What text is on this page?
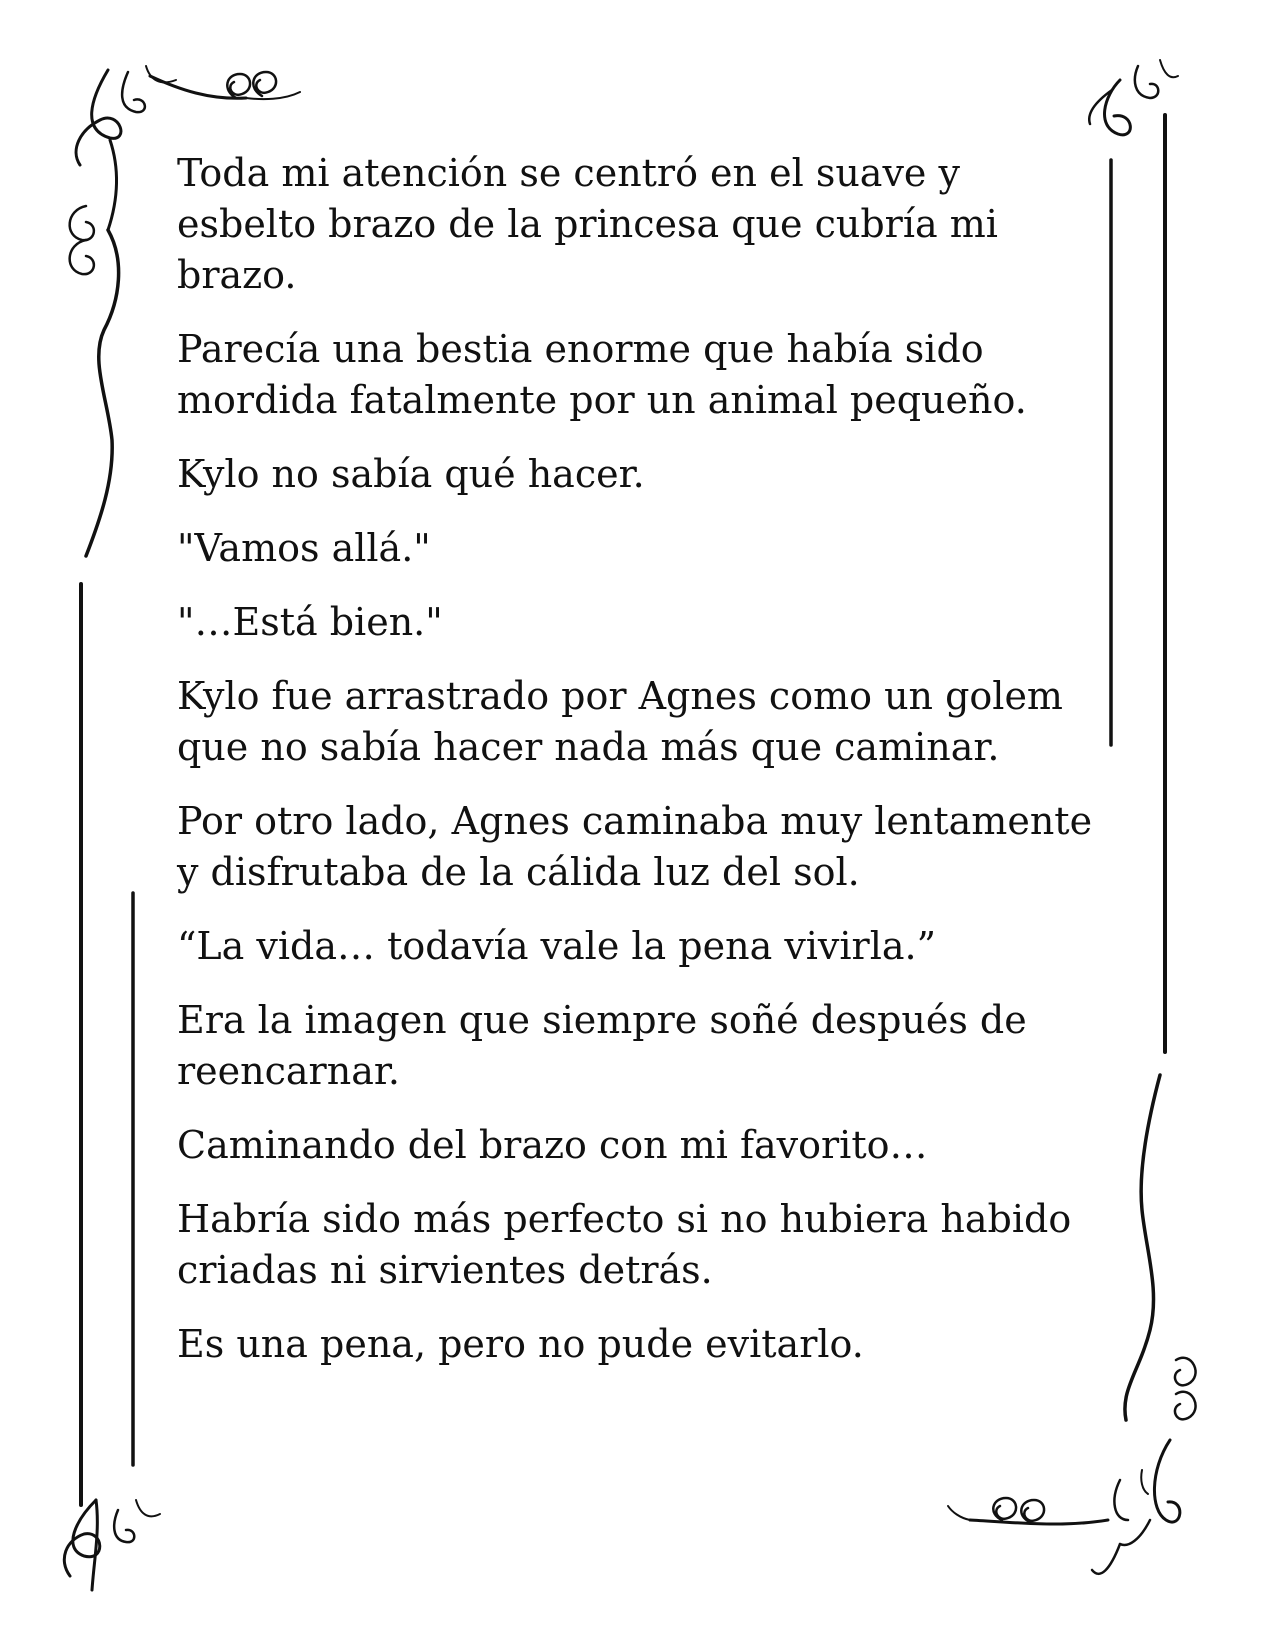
Toda mi atención se centró en el suave y esbelto brazo de la princesa que cubría mi brazo.

Parecía una bestia enorme que había sido mordida fatalmente por un animal pequeño.

Kylo no sabía qué hacer.

"Vamos allá."

"…Está bien."

Kylo fue arrastrado por Agnes como un golem que no sabía hacer nada más que caminar.

Por otro lado, Agnes caminaba muy lentamente y disfrutaba de la cálida luz del sol.

“La vida… todavía vale la pena vivirla.”

Era la imagen que siempre soñé después de reencarnar.

Caminando del brazo con mi favorito…

Habría sido más perfecto si no hubiera habido criadas ni sirvientes detrás.

Es una pena, pero no pude evitarlo.
